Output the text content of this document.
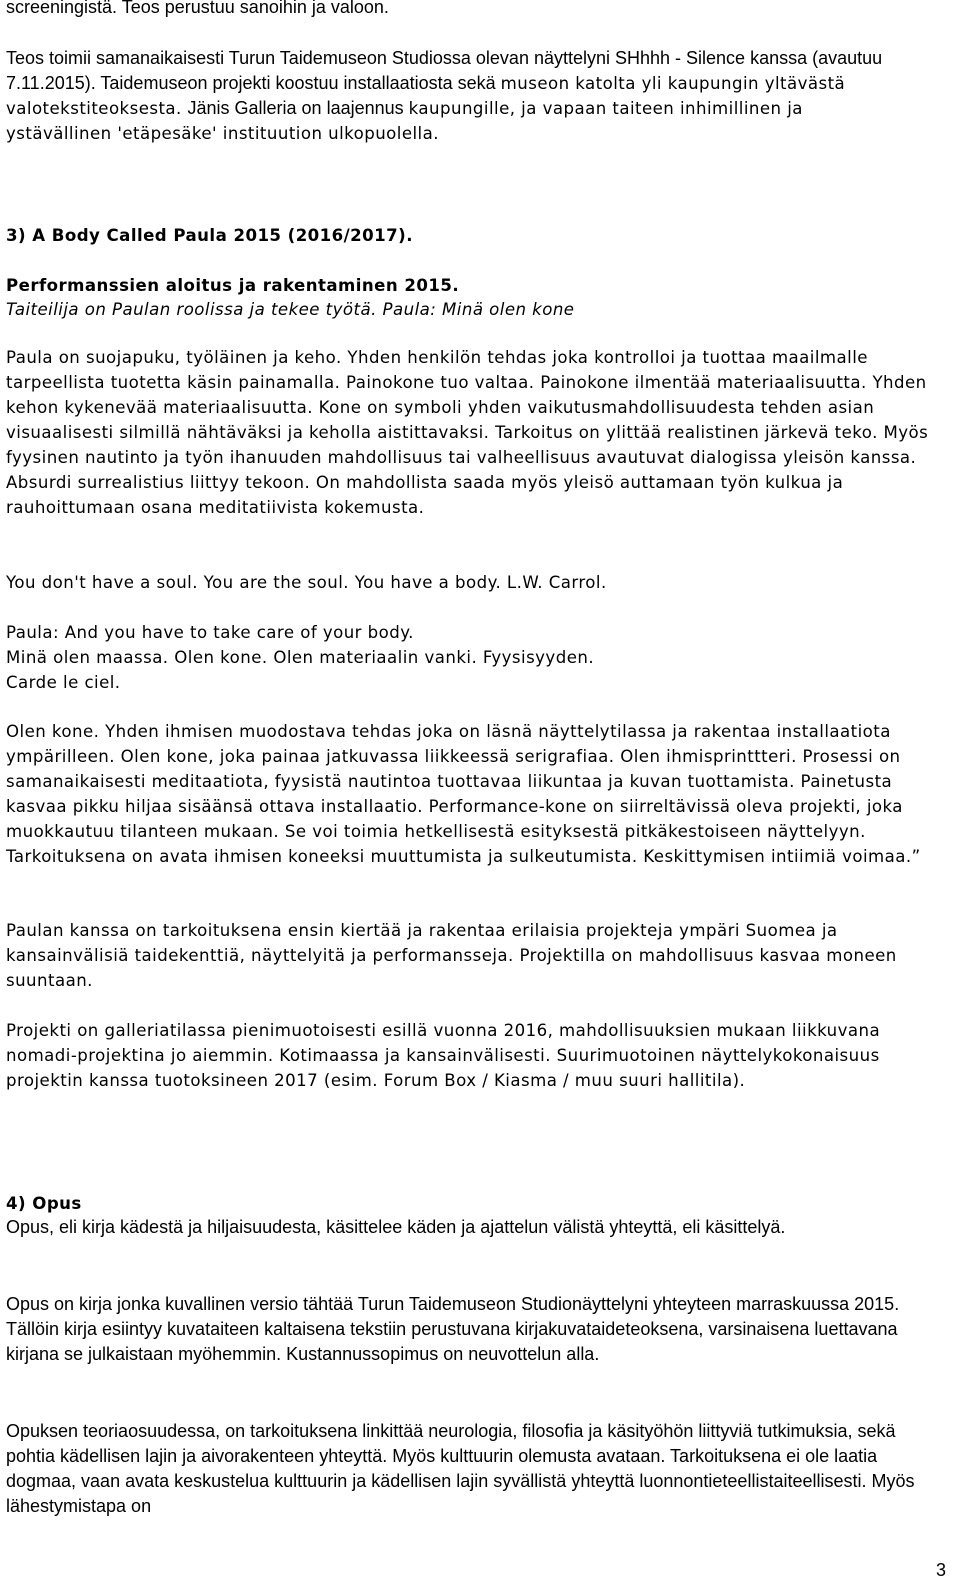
screeningistä. Teos perustuu sanoihin ja valoon.

Teos toimii samanaikaisesti Turun Taidemuseon Studiossa olevan näyttelyni SHhhh - Silence kanssa (avautuu 7.11.2015). Taidemuseon projekti koostuu installaatiosta sekä museon katolta yli kaupungin yltävästä valotekstiteoksesta. Jänis Galleria on laajennus kaupungille, ja vapaan taiteen inhimillinen ja ystävällinen 'etäpesäke' instituution ulkopuolella.

3) A Body Called Paula 2015 (2016/2017).

Performanssien aloitus ja rakentaminen 2015.

Taiteilija on Paulan roolissa ja tekee työtä. Paula: Minä olen kone

Paula on suojapuku, työläinen ja keho. Yhden henkilön tehdas joka kontrolloi ja tuottaa maailmalle tarpeellista tuotetta käsin painamalla. Painokone tuo valtaa. Painokone ilmentää materiaalisuutta. Yhden kehon kykenevää materiaalisuutta. Kone on symboli yhden vaikutusmahdollisuudesta tehden asian visuaalisesti silmillä nähtäväksi ja keholla aistittavaksi. Tarkoitus on ylittää realistinen järkevä teko. Myös fyysinen nautinto ja työn ihanuuden mahdollisuus tai valheellisuus avautuvat dialogissa yleisön kanssa. Absurdi surrealistius liittyy tekoon. On mahdollista saada myös yleisö auttamaan työn kulkua ja rauhoittumaan osana meditatiivista kokemusta.

You don't have a soul. You are the soul. You have a body. L.W. Carrol.

Paula: And you have to take care of your body.

Minä olen maassa. Olen kone. Olen materiaalin vanki. Fyysisyyden.

Carde le ciel.

Olen kone. Yhden ihmisen muodostava tehdas joka on läsnä näyttelytilassa ja rakentaa installaatiota ympärilleen. Olen kone, joka painaa jatkuvassa liikkeessä serigrafiaa. Olen ihmisprinttteri. Prosessi on samanaikaisesti meditaatiota, fyysistä nautintoa tuottavaa liikuntaa ja kuvan tuottamista. Painetusta kasvaa pikku hiljaa sisäänsä ottava installaatio. Performance-kone on siirreltävissä oleva projekti, joka muokkautuu tilanteen mukaan. Se voi toimia hetkellisestä esityksestä pitkäkestoiseen näyttelyyn. Tarkoituksena on avata ihmisen koneeksi muuttumista ja sulkeutumista. Keskittymisen intiimiä voimaa.”

Paulan kanssa on tarkoituksena ensin kiertää ja rakentaa erilaisia projekteja ympäri Suomea ja kansainvälisiä taidekenttiä, näyttelyitä ja performansseja. Projektilla on mahdollisuus kasvaa moneen suuntaan.

Projekti on galleriatilassa pienimuotoisesti esillä vuonna 2016, mahdollisuuksien mukaan liikkuvana nomadi-projektina jo aiemmin. Kotimaassa ja kansainvälisesti. Suurimuotoinen näyttelykokonaisuus projektin kanssa tuotoksineen 2017 (esim. Forum Box / Kiasma / muu suuri hallitila).

4) Opus

Opus, eli kirja kädestä ja hiljaisuudesta, käsittelee käden ja ajattelun välistä yhteyttä, eli käsittelyä.

Opus on kirja jonka kuvallinen versio tähtää Turun Taidemuseon Studionäyttelyni yhteyteen marraskuussa 2015. Tällöin kirja esiintyy kuvataiteen kaltaisena tekstiin perustuvana kirjakuvataideteoksena, varsinaisena luettavana kirjana se julkaistaan myöhemmin. Kustannussopimus on neuvottelun alla.

Opuksen teoriaosuudessa, on tarkoituksena linkittää neurologia, filosofia ja käsityöhön liittyviä tutkimuksia, sekä pohtia kädellisen lajin ja aivorakenteen yhteyttä. Myös kulttuurin olemusta avataan. Tarkoituksena ei ole laatia dogmaa, vaan avata keskustelua kulttuurin ja kädellisen lajin syvällistä yhteyttä luonnontieteellistaiteellisesti. Myös lähestymistapa on

3
